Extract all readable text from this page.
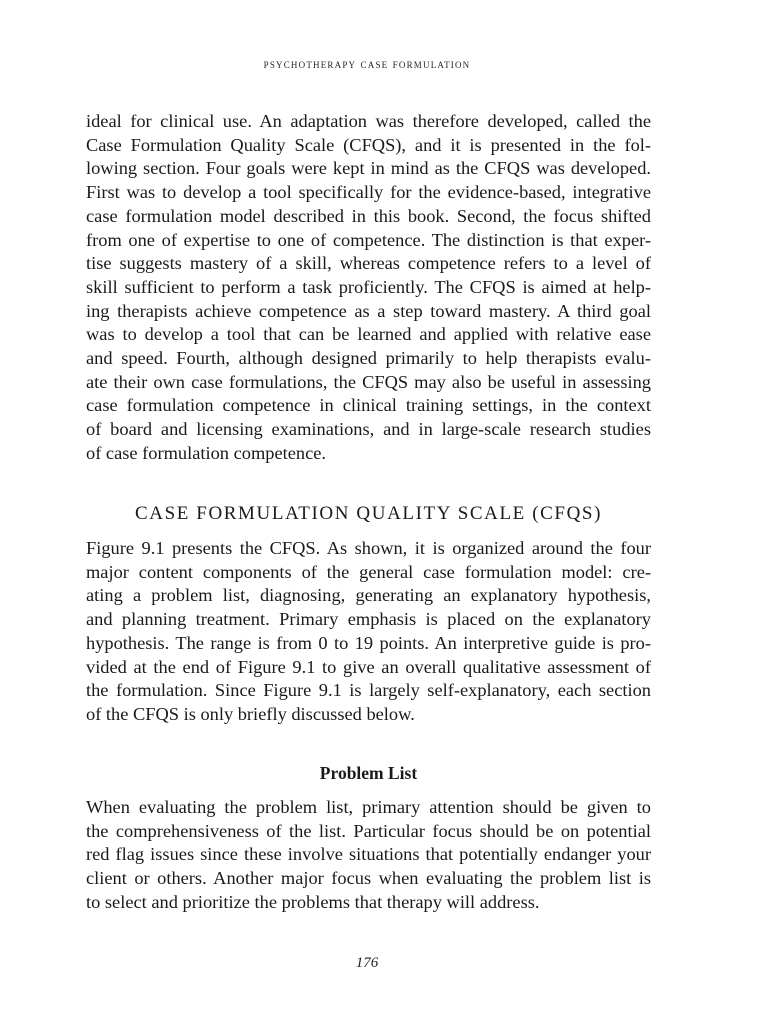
psychotherapy case formulation
ideal for clinical use. An adaptation was therefore developed, called the
Case Formulation Quality Scale (CFQS), and it is presented in the fol-
lowing section. Four goals were kept in mind as the CFQS was developed.
First was to develop a tool specifically for the evidence-based, integrative
case formulation model described in this book. Second, the focus shifted
from one of expertise to one of competence. The distinction is that exper-
tise suggests mastery of a skill, whereas competence refers to a level of
skill sufficient to perform a task proficiently. The CFQS is aimed at help-
ing therapists achieve competence as a step toward mastery. A third goal
was to develop a tool that can be learned and applied with relative ease
and speed. Fourth, although designed primarily to help therapists evalu-
ate their own case formulations, the CFQS may also be useful in assessing
case formulation competence in clinical training settings, in the context
of board and licensing examinations, and in large-scale research studies
of case formulation competence.
CASE FORMULATION QUALITY SCALE (CFQS)
Figure 9.1 presents the CFQS. As shown, it is organized around the four
major content components of the general case formulation model: cre-
ating a problem list, diagnosing, generating an explanatory hypothesis,
and planning treatment. Primary emphasis is placed on the explanatory
hypothesis. The range is from 0 to 19 points. An interpretive guide is pro-
vided at the end of Figure 9.1 to give an overall qualitative assessment of
the formulation. Since Figure 9.1 is largely self-explanatory, each section
of the CFQS is only briefly discussed below.
Problem List
When evaluating the problem list, primary attention should be given to
the comprehensiveness of the list. Particular focus should be on potential
red flag issues since these involve situations that potentially endanger your
client or others. Another major focus when evaluating the problem list is
to select and prioritize the problems that therapy will address.
176
